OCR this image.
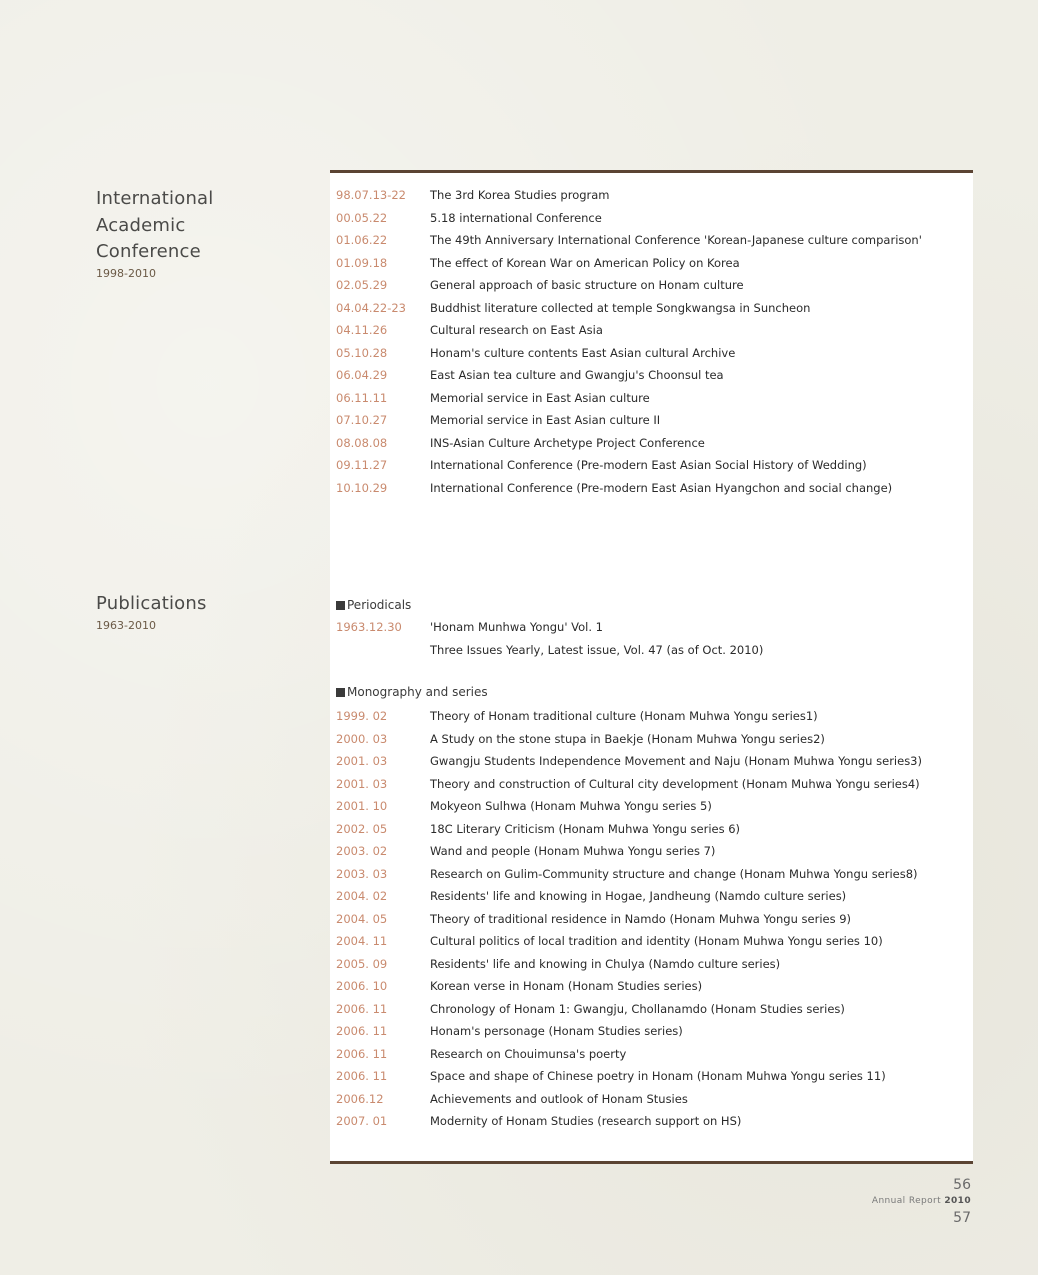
International
Academic
Conference
1998-2010
Publications
1963-2010
98.07.13-22 The 3rd Korea Studies program
00.05.22	5.18 international Conference
01.06.22	The 49th Anniversary International Conference 'Korean-Japanese culture comparison'
01.09.18	The effect of Korean War on American Policy on Korea
02.05.29	General approach of basic structure on Honam culture
04.04.22-23 Buddhist literature collected at temple Songkwangsa in Suncheon
04.11.26	Cultural research on East Asia
05.10.28	Honam's culture contents East Asian cultural Archive
06.04.29	East Asian tea culture and Gwangju's Choonsul tea
06.11.11	Memorial service in East Asian culture
07.10.27	Memorial service in East Asian culture II
08.08.08	INS-Asian Culture Archetype Project Conference
09.11.27	International Conference (Pre-modern East Asian Social History of Wedding)
10.10.29	International Conference (Pre-modern East Asian Hyangchon and social change)
Periodicals
1963.12.30 'Honam Munhwa Yongu' Vol. 1
Three Issues Yearly, Latest issue, Vol. 47 (as of Oct. 2010)
Monography and series
1999. 02	Theory of Honam traditional culture (Honam Muhwa Yongu series1)
2000. 03	A Study on the stone stupa in Baekje (Honam Muhwa Yongu series2)
2001. 03	Gwangju Students Independence Movement and Naju (Honam Muhwa Yongu series3)
2001. 03	Theory and construction of Cultural city development (Honam Muhwa Yongu series4)
2001. 10	Mokyeon Sulhwa (Honam Muhwa Yongu series 5)
2002. 05	18C Literary Criticism (Honam Muhwa Yongu series 6)
2003. 02	Wand and people (Honam Muhwa Yongu series 7)
2003. 03	Research on Gulim-Community structure and change (Honam Muhwa Yongu series8)
2004. 02	Residents' life and knowing in Hogae, Jandheung (Namdo culture series)
2004. 05	Theory of traditional residence in Namdo (Honam Muhwa Yongu series 9)
2004. 11	Cultural politics of local tradition and identity (Honam Muhwa Yongu series 10)
2005. 09	Residents' life and knowing in Chulya (Namdo culture series)
2006. 10	Korean verse in Honam (Honam Studies series)
2006. 11	Chronology of Honam 1: Gwangju, Chollanamdo (Honam Studies series)
2006. 11	Honam's personage (Honam Studies series)
2006. 11	Research on Chouimunsa's poerty
2006. 11	Space and shape of Chinese poetry in Honam (Honam Muhwa Yongu series 11)
2006.12	Achievements and outlook of Honam Stusies
2007. 01	Modernity of Honam Studies (research support on HS)
56
Annual Report 2010
57
